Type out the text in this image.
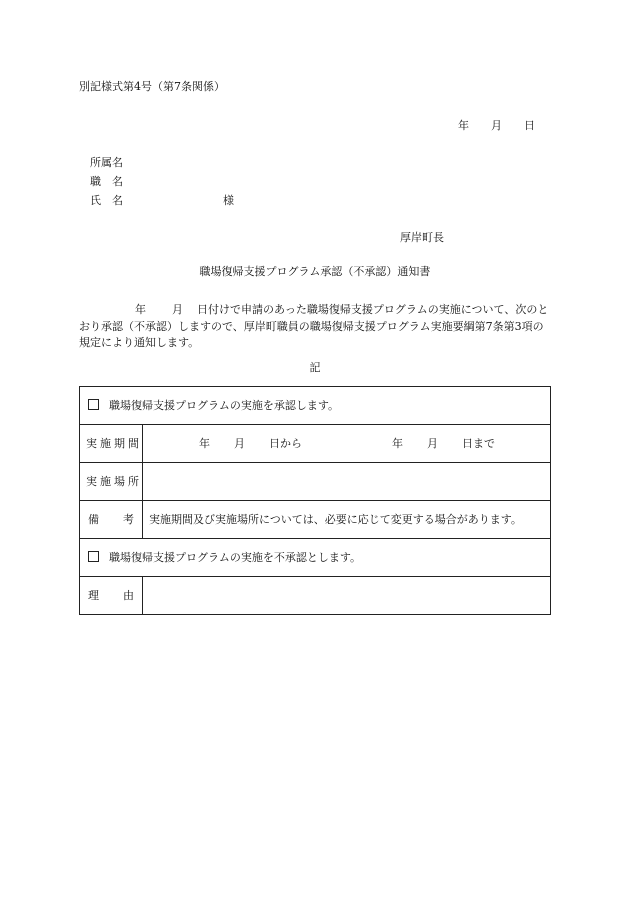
別記様式第4号（第7条関係）
年 月 日
所属名
職　名
氏　名	様
厚岸町長
職場復帰支援プログラム承認（不承認）通知書
年 月 日付けで申請のあった職場復帰支援プログラムの実施について、次のとおり承認（不承認）しますので、厚岸町職員の職場復帰支援プログラム実施要綱第7条第3項の規定により通知します。
記
職場復帰支援プログラムの実施を承認します。	
実施期間	年 月 日から 年 月 日まで
実施場所	

備 考	実施期間及び実施場所については、必要に応じて変更する場合があります。
職場復帰支援プログラムの実施を不承認とします。	

理 由	
